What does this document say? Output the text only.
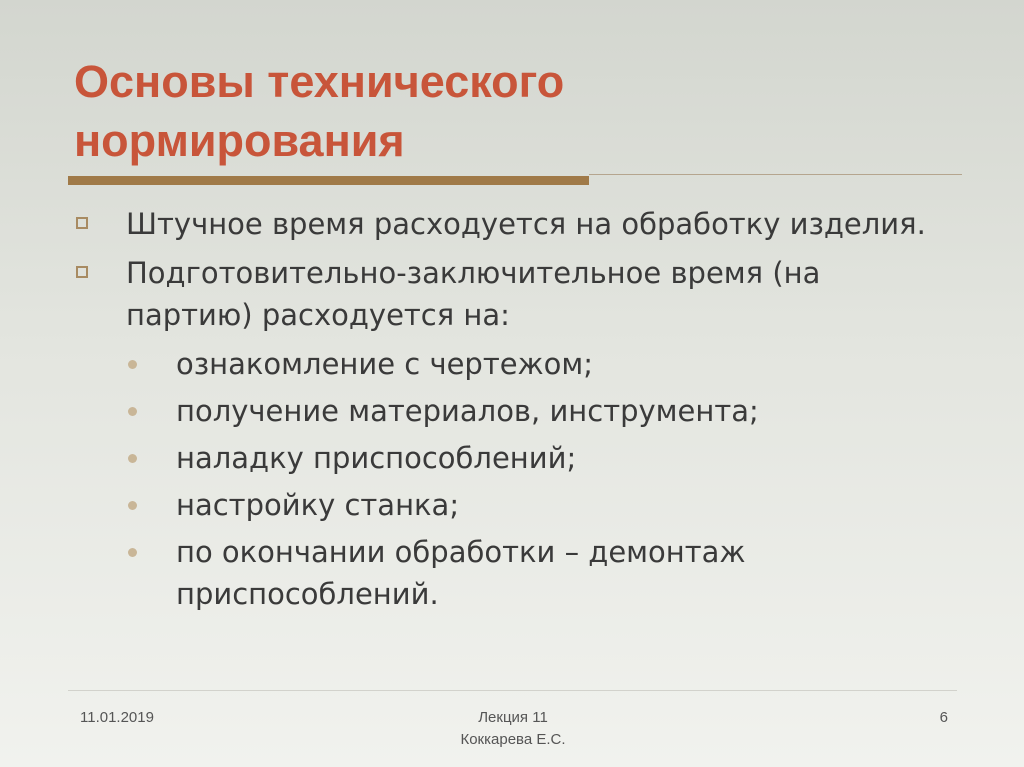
Основы технического
нормирования
Штучное время расходуется на обработку изделия.
Подготовительно-заключительное время (на партию) расходуется на:
ознакомление с чертежом;
получение материалов, инструмента;
наладку приспособлений;
настройку станка;
по окончании обработки – демонтаж приспособлений.
11.01.2019	Лекция 11
Коккарева Е.С.
6
